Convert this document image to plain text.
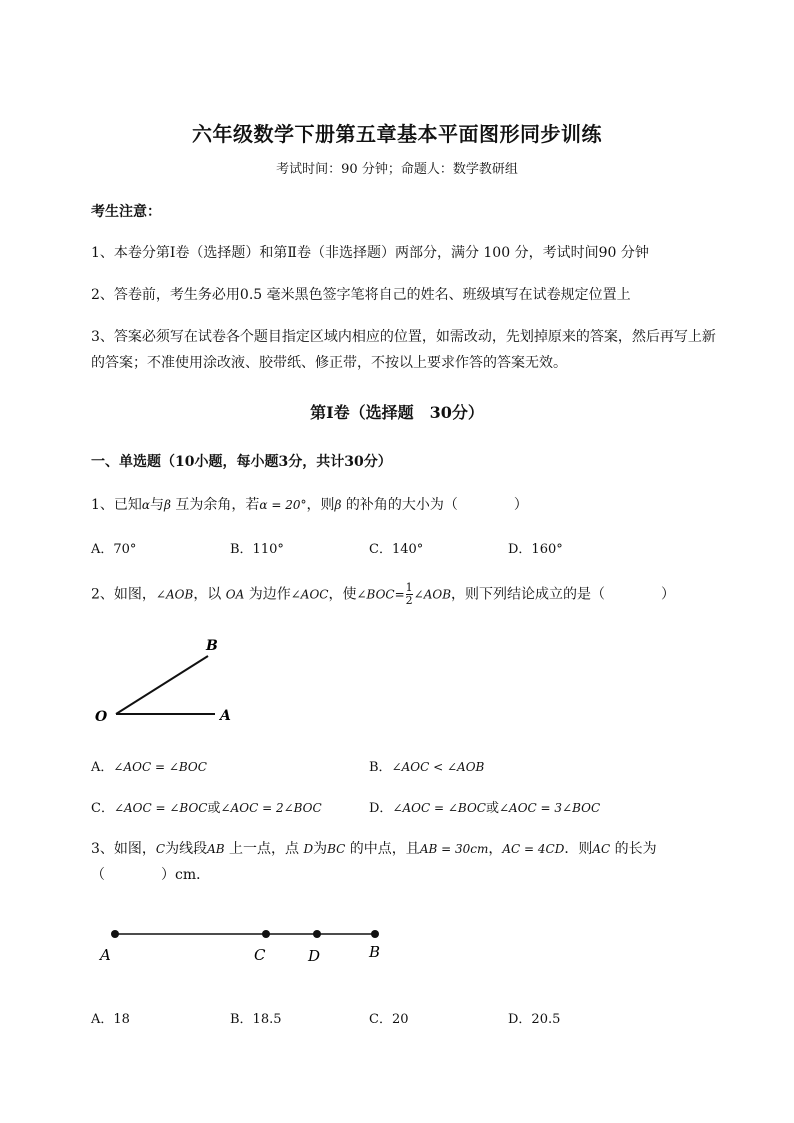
六年级数学下册第五章基本平面图形同步训练
考试时间：90 分钟；命题人：数学教研组
考生注意：
1、本卷分第Ⅰ卷（选择题）和第Ⅱ卷（非选择题）两部分，满分 100 分，考试时间90 分钟
2、答卷前，考生务必用0.5 毫米黑色签字笔将自己的姓名、班级填写在试卷规定位置上
3、答案必须写在试卷各个题目指定区域内相应的位置，如需改动，先划掉原来的答案，然后再写上新
的答案；不准使用涂改液、胶带纸、修正带，不按以上要求作答的答案无效。
第Ⅰ卷（选择题　30分）
一、单选题（10小题，每小题3分，共计30分）
1、已知α与β 互为余角，若α = 20°，则β 的补角的大小为（　　　　）
A．70°	B．110°	C．140°	D．160°
2、如图，∠AOB，以 OA 为边作∠AOC，使∠BOC= $\frac{1}{2}$ ∠AOB，则下列结论成立的是（　　　　）
B
O	A
A．∠AOC = ∠BOC	B．∠AOC < ∠AOB
C．∠AOC = ∠BOC或∠AOC = 2∠BOC	D．∠AOC = ∠BOC或∠AOC = 3∠BOC
3、如图，C为线段AB 上一点，点 D为BC 的中点，且AB = 30cm，AC = 4CD．则AC 的长为
（　　　　）cm．
A	C	D	B
A．18	B．18.5	C．20	D．20.5
